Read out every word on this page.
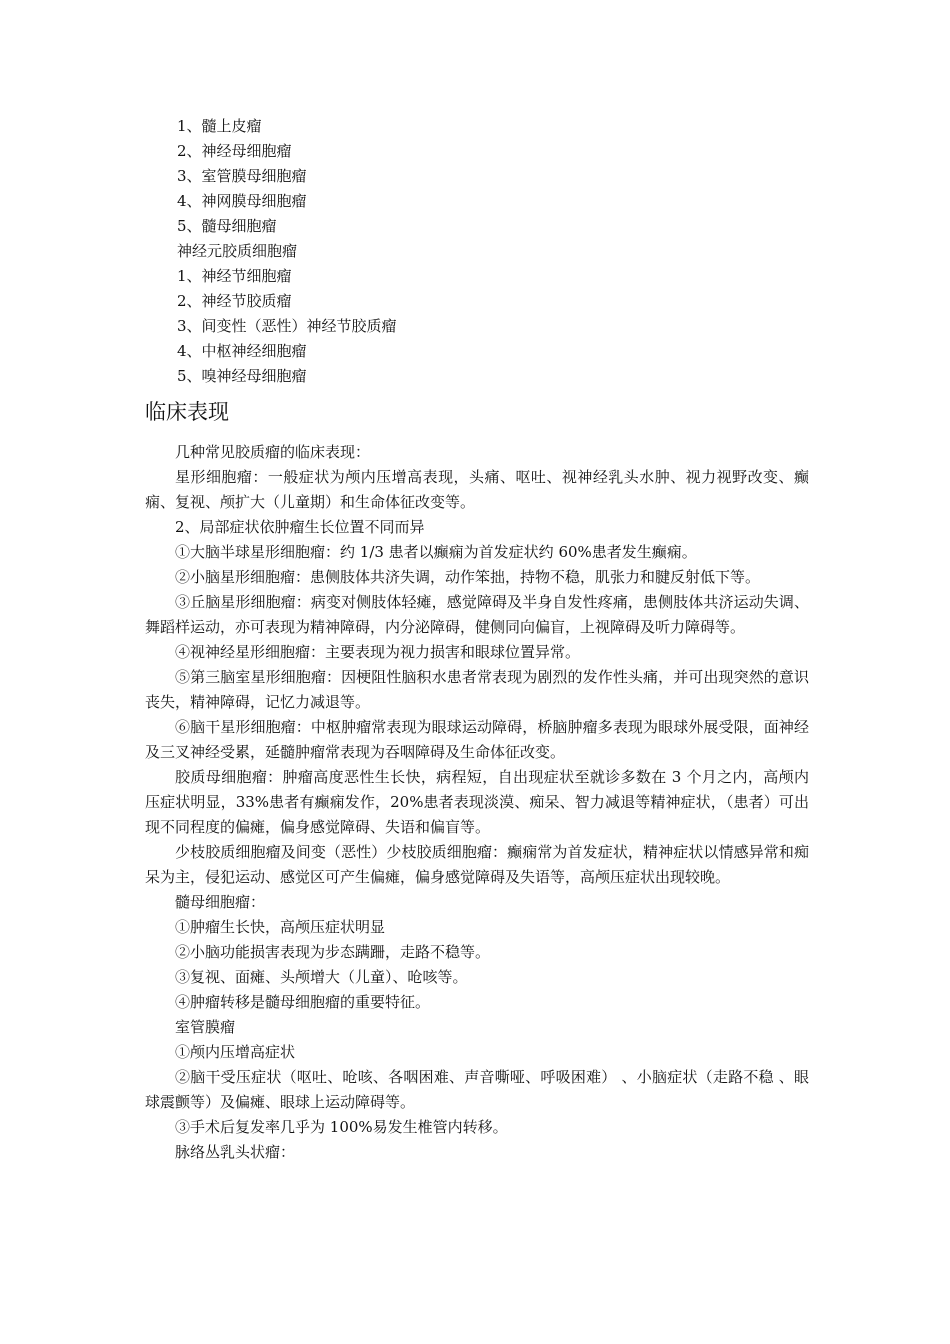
1、髓上皮瘤
2、神经母细胞瘤
3、室管膜母细胞瘤
4、神网膜母细胞瘤
5、髓母细胞瘤
神经元胶质细胞瘤
1、神经节细胞瘤
2、神经节胶质瘤
3、间变性（恶性）神经节胶质瘤
4、中枢神经细胞瘤
5、嗅神经母细胞瘤
临床表现

几种常见胶质瘤的临床表现：

星形细胞瘤：一般症状为颅内压增高表现，头痛、呕吐、视神经乳头水肿、视力视野改变、癫痫、复视、颅扩大（儿童期）和生命体征改变等。

2、局部症状依肿瘤生长位置不同而异

①大脑半球星形细胞瘤：约 1/3 患者以癫痫为首发症状约 60%患者发生癫痫。

②小脑星形细胞瘤：患侧肢体共济失调，动作笨拙，持物不稳，肌张力和腱反射低下等。

③丘脑星形细胞瘤：病变对侧肢体轻瘫，感觉障碍及半身自发性疼痛，患侧肢体共济运动失调、舞蹈样运动，亦可表现为精神障碍，内分泌障碍，健侧同向偏盲，上视障碍及听力障碍等。

④视神经星形细胞瘤：主要表现为视力损害和眼球位置异常。

⑤第三脑室星形细胞瘤：因梗阻性脑积水患者常表现为剧烈的发作性头痛，并可出现突然的意识丧失，精神障碍，记忆力减退等。

⑥脑干星形细胞瘤：中枢肿瘤常表现为眼球运动障碍，桥脑肿瘤多表现为眼球外展受限，面神经及三叉神经受累，延髓肿瘤常表现为吞咽障碍及生命体征改变。

胶质母细胞瘤：肿瘤高度恶性生长快，病程短，自出现症状至就诊多数在 3 个月之内，高颅内压症状明显，33%患者有癫痫发作，20%患者表现淡漠、痴呆、智力减退等精神症状，（患者）可出现不同程度的偏瘫，偏身感觉障碍、失语和偏盲等。

少枝胶质细胞瘤及间变（恶性）少枝胶质细胞瘤：癫痫常为首发症状，精神症状以情感异常和痴呆为主，侵犯运动、感觉区可产生偏瘫，偏身感觉障碍及失语等，高颅压症状出现较晚。

髓母细胞瘤：

①肿瘤生长快，高颅压症状明显

②小脑功能损害表现为步态蹒跚，走路不稳等。

③复视、面瘫、头颅增大（儿童）、呛咳等。

④肿瘤转移是髓母细胞瘤的重要特征。

室管膜瘤

①颅内压增高症状

②脑干受压症状（呕吐、呛咳、各咽困难、声音嘶哑、呼吸困难） 、小脑症状（走路不稳 、眼球震颤等）及偏瘫、眼球上运动障碍等。

③手术后复发率几乎为 100%易发生椎管内转移。

脉络丛乳头状瘤：
